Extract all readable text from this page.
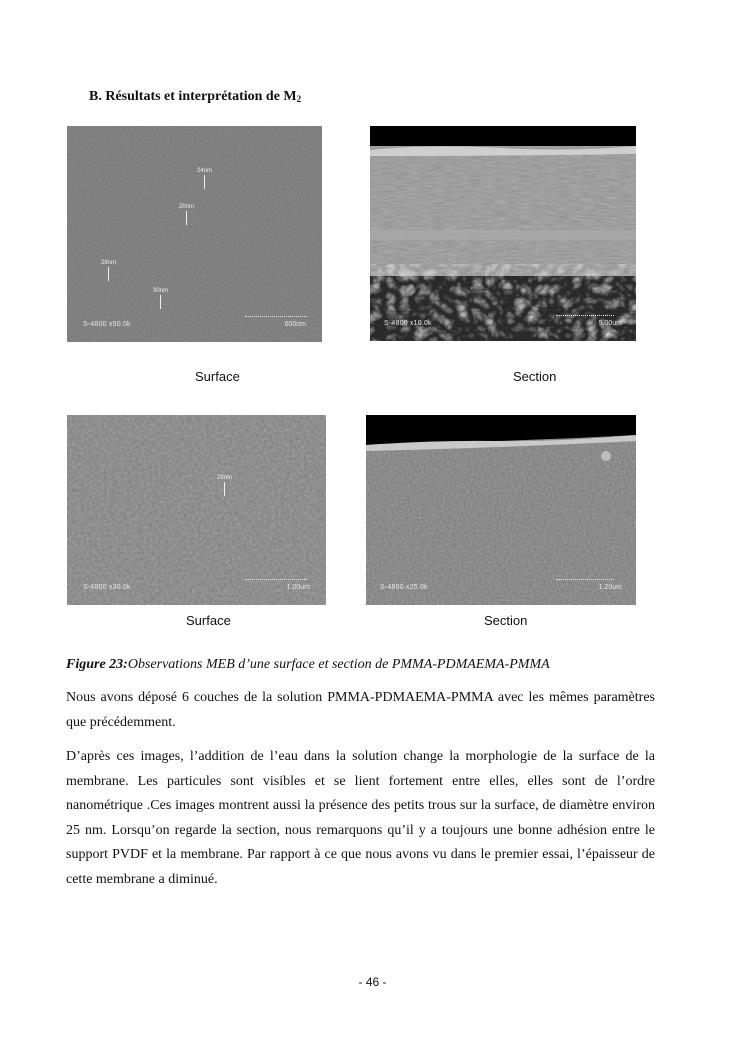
B. Résultats et interprétation de $M_2$
24nm
20nm
28nm
30nm
S-4800 x50.0k	600nm	S-4800 x10.0k	5.00um
Surface	Section
29nm
S-4800 x30.0k	1.00um	S-4800 x25.0k	1.20um
Surface	Section
Figure 23:Observations MEB d’une surface et section de PMMA-PDMAEMA-PMMA

Nous avons déposé 6 couches de la solution PMMA-PDMAEMA-PMMA avec les mêmes paramètres que précédemment.

D’après ces images, l’addition de l’eau dans la solution change la morphologie de la surface de la membrane. Les particules sont visibles et se lient fortement entre elles, elles sont de l’ordre nanométrique .Ces images montrent aussi la présence des petits trous sur la surface, de diamètre environ 25 nm. Lorsqu’on regarde la section, nous remarquons qu’il y a toujours une bonne adhésion entre le support PVDF et la membrane. Par rapport à ce que nous avons vu dans le premier essai, l’épaisseur de cette membrane a diminué.

- 46 -
